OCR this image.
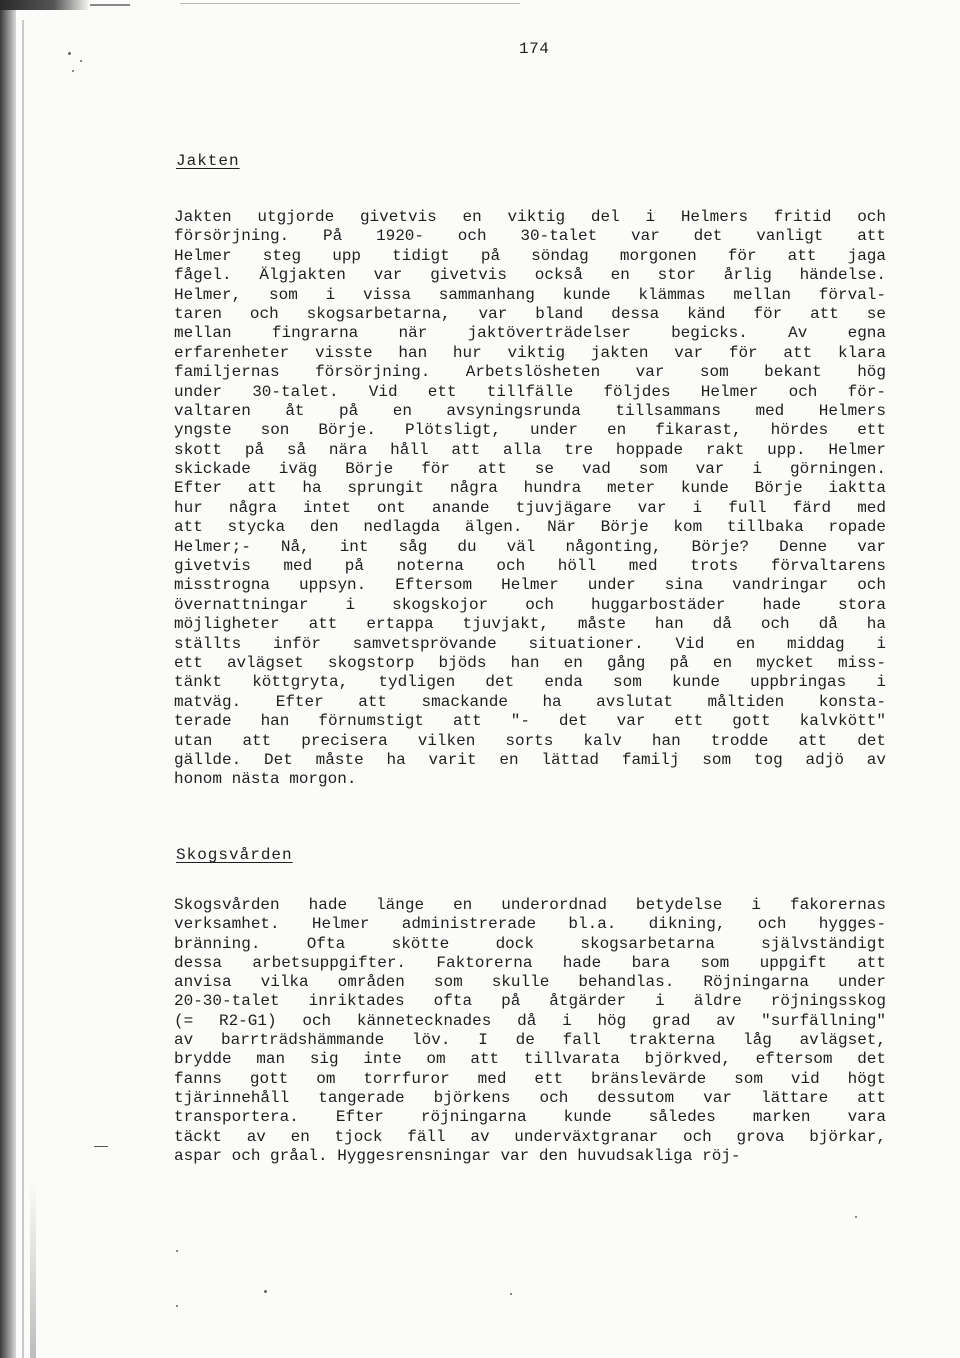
174
Jakten
Jakten utgjorde givetvis en viktig del i Helmers fritid och
försörjning. På 1920- och 30-talet var det vanligt att
Helmer steg upp tidigt på söndag morgonen för att jaga
fågel. Älgjakten var givetvis också en stor årlig händelse.
Helmer, som i vissa sammanhang kunde klämmas mellan förval-
taren och skogsarbetarna, var bland dessa känd för att se
mellan fingrarna när jaktöverträdelser begicks. Av egna
erfarenheter visste han hur viktig jakten var för att klara
familjernas försörjning. Arbetslösheten var som bekant hög
under 30-talet. Vid ett tillfälle följdes Helmer och för-
valtaren åt på en avsyningsrunda tillsammans med Helmers
yngste son Börje. Plötsligt, under en fikarast, hördes ett
skott på så nära håll att alla tre hoppade rakt upp. Helmer
skickade iväg Börje för att se vad som var i görningen.
Efter att ha sprungit några hundra meter kunde Börje iaktta
hur några intet ont anande tjuvjägare var i full färd med
att stycka den nedlagda älgen. När Börje kom tillbaka ropade
Helmer;- Nå, int såg du väl någonting, Börje? Denne var
givetvis med på noterna och höll med trots förvaltarens
misstrogna uppsyn. Eftersom Helmer under sina vandringar och
övernattningar i skogskojor och huggarbostäder hade stora
möjligheter att ertappa tjuvjakt, måste han då och då ha
ställts inför samvetsprövande situationer. Vid en middag i
ett avlägset skogstorp bjöds han en gång på en mycket miss-
tänkt köttgryta, tydligen det enda som kunde uppbringas i
matväg. Efter att smackande ha avslutat måltiden konsta-
terade han förnumstigt att "- det var ett gott kalvkött"
utan att precisera vilken sorts kalv han trodde att det
gällde. Det måste ha varit en lättad familj som tog adjö av
honom nästa morgon.
Skogsvården
Skogsvården hade länge en underordnad betydelse i fakorernas
verksamhet. Helmer administrerade bl.a. dikning, och hygges-
bränning. Ofta skötte dock skogsarbetarna självständigt
dessa arbetsuppgifter. Faktorerna hade bara som uppgift att
anvisa vilka områden som skulle behandlas. Röjningarna under
20-30-talet inriktades ofta på åtgärder i äldre röjningsskog
(= R2-G1) och kännetecknades då i hög grad av "surfällning"
av barrträdshämmande löv. I de fall trakterna låg avlägset,
brydde man sig inte om att tillvarata björkved, eftersom det
fanns gott om torrfuror med ett bränslevärde som vid högt
tjärinnehåll tangerade björkens och dessutom var lättare att
transportera. Efter röjningarna kunde således marken vara
täckt av en tjock fäll av underväxtgranar och grova björkar,
aspar och gråal. Hyggesrensningar var den huvudsakliga röj-
